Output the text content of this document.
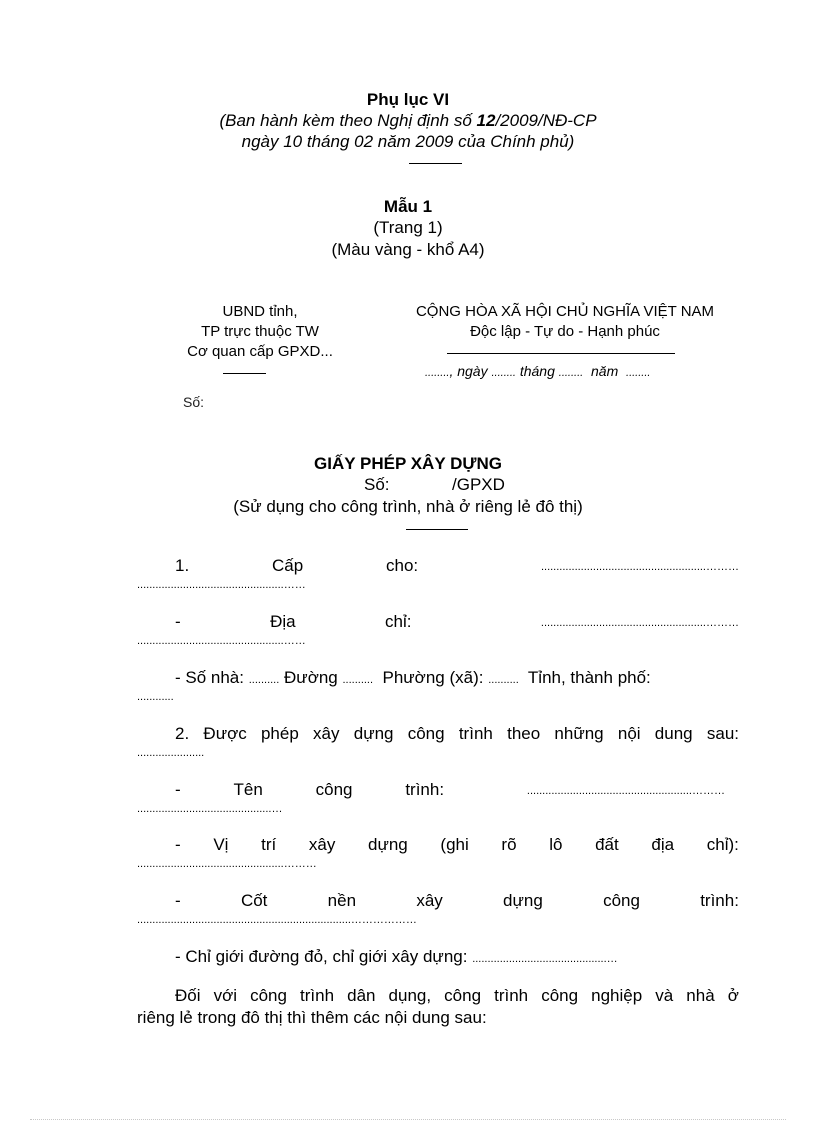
Phụ lục VI
(Ban hành kèm theo Nghị định số 12/2009/NĐ-CP
ngày 10 tháng 02 năm 2009 của Chính phủ)
Mẫu 1
(Trang 1)
(Màu vàng - khổ A4)
UBND tỉnh,
TP trực thuộc TW
Cơ quan cấp GPXD...
Số:
CỘNG HÒA XÃ HỘI CHỦ NGHĨA VIỆT NAM
Độc lập - Tự do - Hạnh phúc
........, ngày ........ tháng ........ năm ........
GIẤY PHÉP XÂY DỰNG
Số:	/GPXD
(Sử dụng cho công trình, nhà ở riêng lẻ đô thị)
1.	Cấp	cho:	......................................................………
................................................……
-	Địa	chỉ:	......................................................………
................................................……
- Số nhà: .......... Đường .......... Phường (xã): .......... Tỉnh, thành phố:
............
2. Được phép xây dựng công trình theo những nội dung sau:
......................
-	Tên	công	trình:	......................................................………
............................................…
- Vị trí xây dựng (ghi rõ lô đất địa chỉ):
................................................………
-	Cốt	nền	xây	dựng	công	trình:
......................................................................………………
- Chỉ giới đường đỏ, chỉ giới xây dựng: ............................................…
Đối với công trình dân dụng, công trình công nghiệp và nhà ở
riêng lẻ trong đô thị thì thêm các nội dung sau:
